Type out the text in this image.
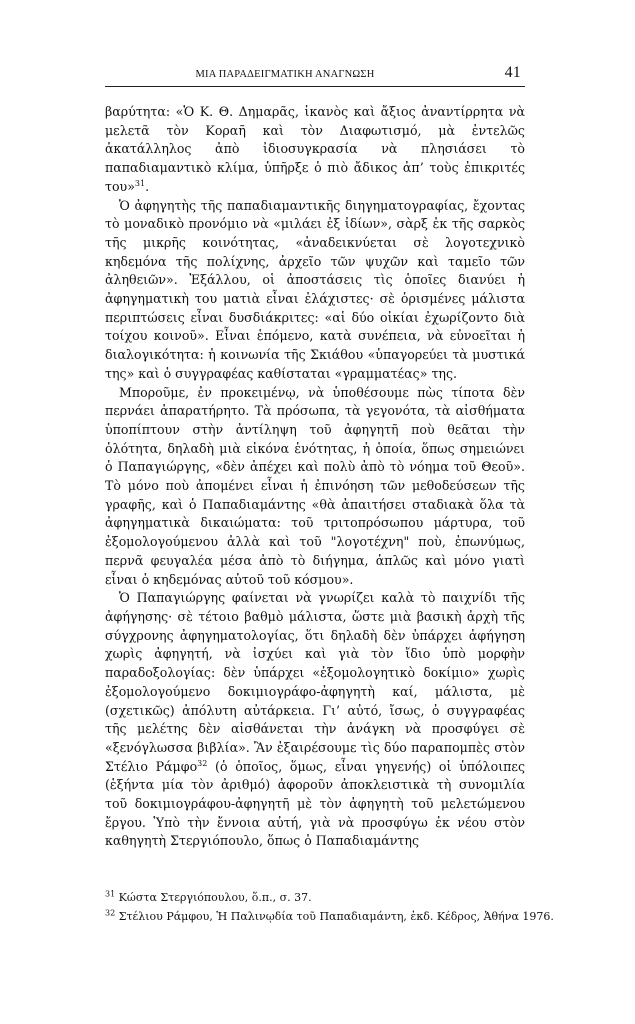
ΜΙΑ ΠΑΡΑΔΕΙΓΜΑΤΙΚΗ ΑΝΑΓΝΩΣΗ	41

βαρύτητα: «Ὁ Κ. Θ. Δημαρᾶς, ἱκανὸς καὶ ἄξιος ἀναντίρρητα νὰ μελετᾶ τὸν Κοραῆ καὶ τὸν Διαφωτισμό, μὰ ἐντελῶς ἀκατάλληλος ἀπὸ ἰδιοσυγκρασία νὰ πλησιάσει τὸ παπαδιαμαντικὸ κλίμα, ὑπῆρξε ὁ πιὸ ἄδικος ἀπ’ τοὺς ἐπικριτές του»$^{31}$.

Ὁ ἀφηγητὴς τῆς παπαδιαμαντικῆς διηγηματογραφίας, ἔχοντας τὸ μοναδικὸ προνόμιο νὰ «μιλάει ἐξ ἰδίων», σὰρξ ἐκ τῆς σαρκὸς τῆς μικρῆς κοινότητας, «ἀναδεικνύεται σὲ λογοτεχνικὸ κηδεμόνα τῆς πολίχνης, ἀρχεῖο τῶν ψυχῶν καὶ ταμεῖο τῶν ἀληθειῶν». Ἐξάλλου, οἱ ἀποστάσεις τὶς ὁποῖες διανύει ἡ ἀφηγηματικὴ του ματιὰ εἶναι ἐλάχιστες· σὲ ὁρισμένες μάλιστα περιπτώσεις εἶναι δυσδιάκριτες: «αἱ δύο οἰκίαι ἐχωρίζοντο διὰ τοίχου κοινοῦ». Εἶναι ἑπόμενο, κατὰ συνέπεια, νὰ εὐνοεῖται ἡ διαλογικότητα: ἡ κοινωνία τῆς Σκιάθου «ὑπαγορεύει τὰ μυστικά της» καὶ ὁ συγγραφέας καθίσταται «γραμματέας» της.

Μποροῦμε, ἐν προκειμένῳ, νὰ ὑποθέσουμε πὼς τίποτα δὲν περνάει ἀπαρατήρητο. Τὰ πρόσωπα, τὰ γεγονότα, τὰ αἰσθήματα ὑποπίπτουν στὴν ἀντίληψη τοῦ ἀφηγητῆ ποὺ θεᾶται τὴν ὁλότητα, δηλαδὴ μιὰ εἰκόνα ἑνότητας, ἡ ὁποία, ὅπως σημειώνει ὁ Παπαγιώργης, «δὲν ἀπέχει καὶ πολὺ ἀπὸ τὸ νόημα τοῦ Θεοῦ». Τὸ μόνο ποὺ ἀπομένει εἶναι ἡ ἐπινόηση τῶν μεθοδεύσεων τῆς γραφῆς, καὶ ὁ Παπαδιαμάντης «θὰ ἀπαιτήσει σταδιακὰ ὅλα τὰ ἀφηγηματικὰ δικαιώματα: τοῦ τριτοπρόσωπου μάρτυρα, τοῦ ἐξομολογούμενου ἀλλὰ καὶ τοῦ "λογοτέχνη" ποὺ, ἐπωνύμως, περνᾶ φευγαλέα μέσα ἀπὸ τὸ διήγημα, ἁπλῶς καὶ μόνο γιατὶ εἶναι ὁ κηδεμόνας αὐτοῦ τοῦ κόσμου».

Ὁ Παπαγιώργης φαίνεται νὰ γνωρίζει καλὰ τὸ παιχνίδι τῆς ἀφήγησης· σὲ τέτοιο βαθμὸ μάλιστα, ὥστε μιὰ βασικὴ ἀρχὴ τῆς σύγχρονης ἀφηγηματολογίας, ὅτι δηλαδὴ δὲν ὑπάρχει ἀφήγηση χωρὶς ἀφηγητή, νὰ ἰσχύει καὶ γιὰ τὸν ἴδιο ὑπὸ μορφὴν παραδοξολογίας: δὲν ὑπάρχει «ἐξομολογητικὸ δοκίμιο» χωρὶς ἐξομολογούμενο δοκιμιογράφο-ἀφηγητὴ καί, μάλιστα, μὲ (σχετικῶς) ἀπόλυτη αὐτάρκεια. Γι’ αὐτό, ἴσως, ὁ συγγραφέας τῆς μελέτης δὲν αἰσθάνεται τὴν ἀνάγκη νὰ προσφύγει σὲ «ξενόγλωσσα βιβλία». Ἂν ἐξαιρέσουμε τὶς δύο παραπομπὲς στὸν Στέλιο Ράμφο$^{32}$ (ὁ ὁποῖος, ὅμως, εἶναι γηγενής) οἱ ὑπόλοιπες (ἑξήντα μία τὸν ἀριθμό) ἀφοροῦν ἀποκλειστικὰ τὴ συνομιλία τοῦ δοκιμιογράφου-ἀφηγητῆ μὲ τὸν ἀφηγητὴ τοῦ μελετώμενου ἔργου. Ὑπὸ τὴν ἔννοια αὐτή, γιὰ νὰ προσφύγω ἐκ νέου στὸν καθηγητὴ Στεργιόπουλο, ὅπως ὁ Παπαδιαμάντης

$^{31}$ Κώστα Στεργιόπουλου, ὅ.π., σ. 37.
$^{32}$ Στέλιου Ράμφου, Ἡ Παλινῳδία τοῦ Παπαδιαμάντη, ἐκδ. Κέδρος, Ἀθήνα 1976.
